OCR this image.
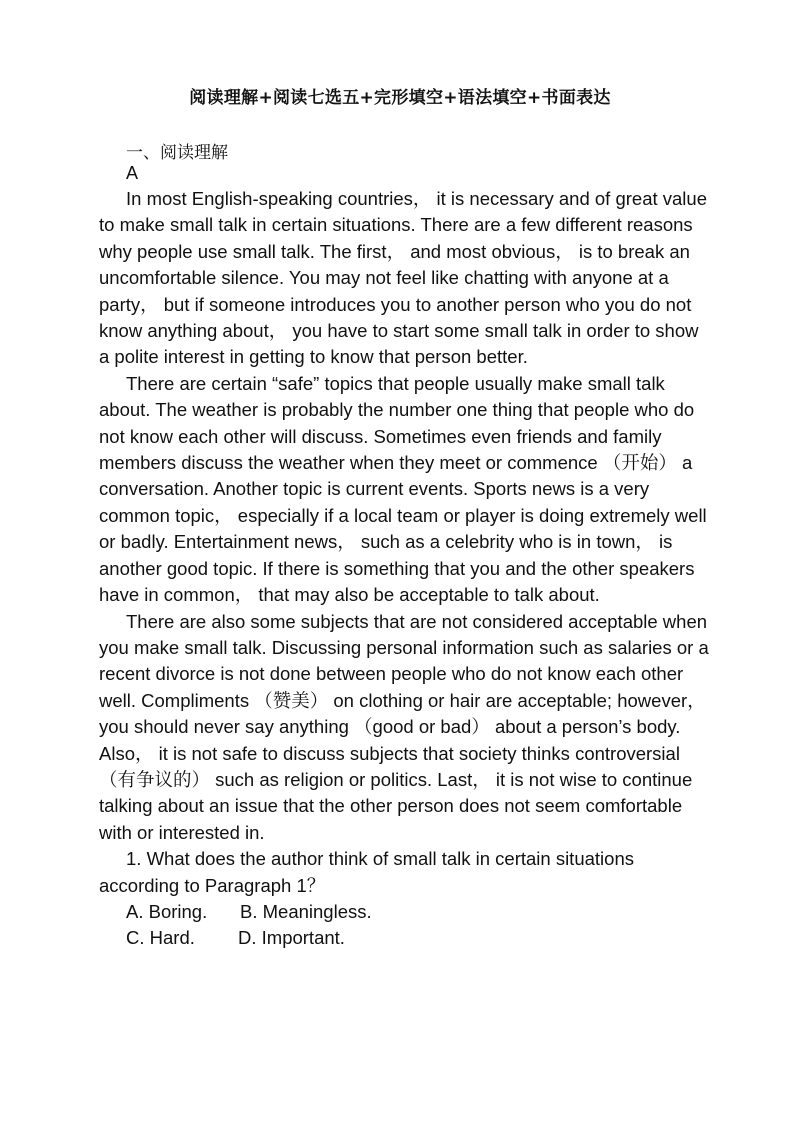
阅读理解+阅读七选五+完形填空+语法填空+书面表达
一、阅读理解
A

In most English-speaking countries， it is necessary and of great value to make small talk in certain situations. There are a few different reasons why people use small talk. The first， and most obvious， is to break an uncomfortable silence. You may not feel like chatting with anyone at a party， but if someone introduces you to another person who you do not know anything about， you have to start some small talk in order to show a polite interest in getting to know that person better.

There are certain “safe” topics that people usually make small talk about. The weather is probably the number one thing that people who do not know each other will discuss. Sometimes even friends and family members discuss the weather when they meet or commence （开始） a conversation. Another topic is current events. Sports news is a very common topic， especially if a local team or player is doing extremely well or badly. Entertainment news， such as a celebrity who is in town， is another good topic. If there is something that you and the other speakers have in common， that may also be acceptable to talk about.

There are also some subjects that are not considered acceptable when you make small talk. Discussing personal information such as salaries or a recent divorce is not done between people who do not know each other well. Compliments （赞美） on clothing or hair are acceptable; however， you should never say anything （good or bad） about a person’s body. Also， it is not safe to discuss subjects that society thinks controversial （有争议的） such as religion or politics. Last， it is not wise to continue talking about an issue that the other person does not seem comfortable with or interested in.

1. What does the author think of small talk in certain situations according to Paragraph 1？

A. Boring. B. Meaningless.
C. Hard. D. Important.
